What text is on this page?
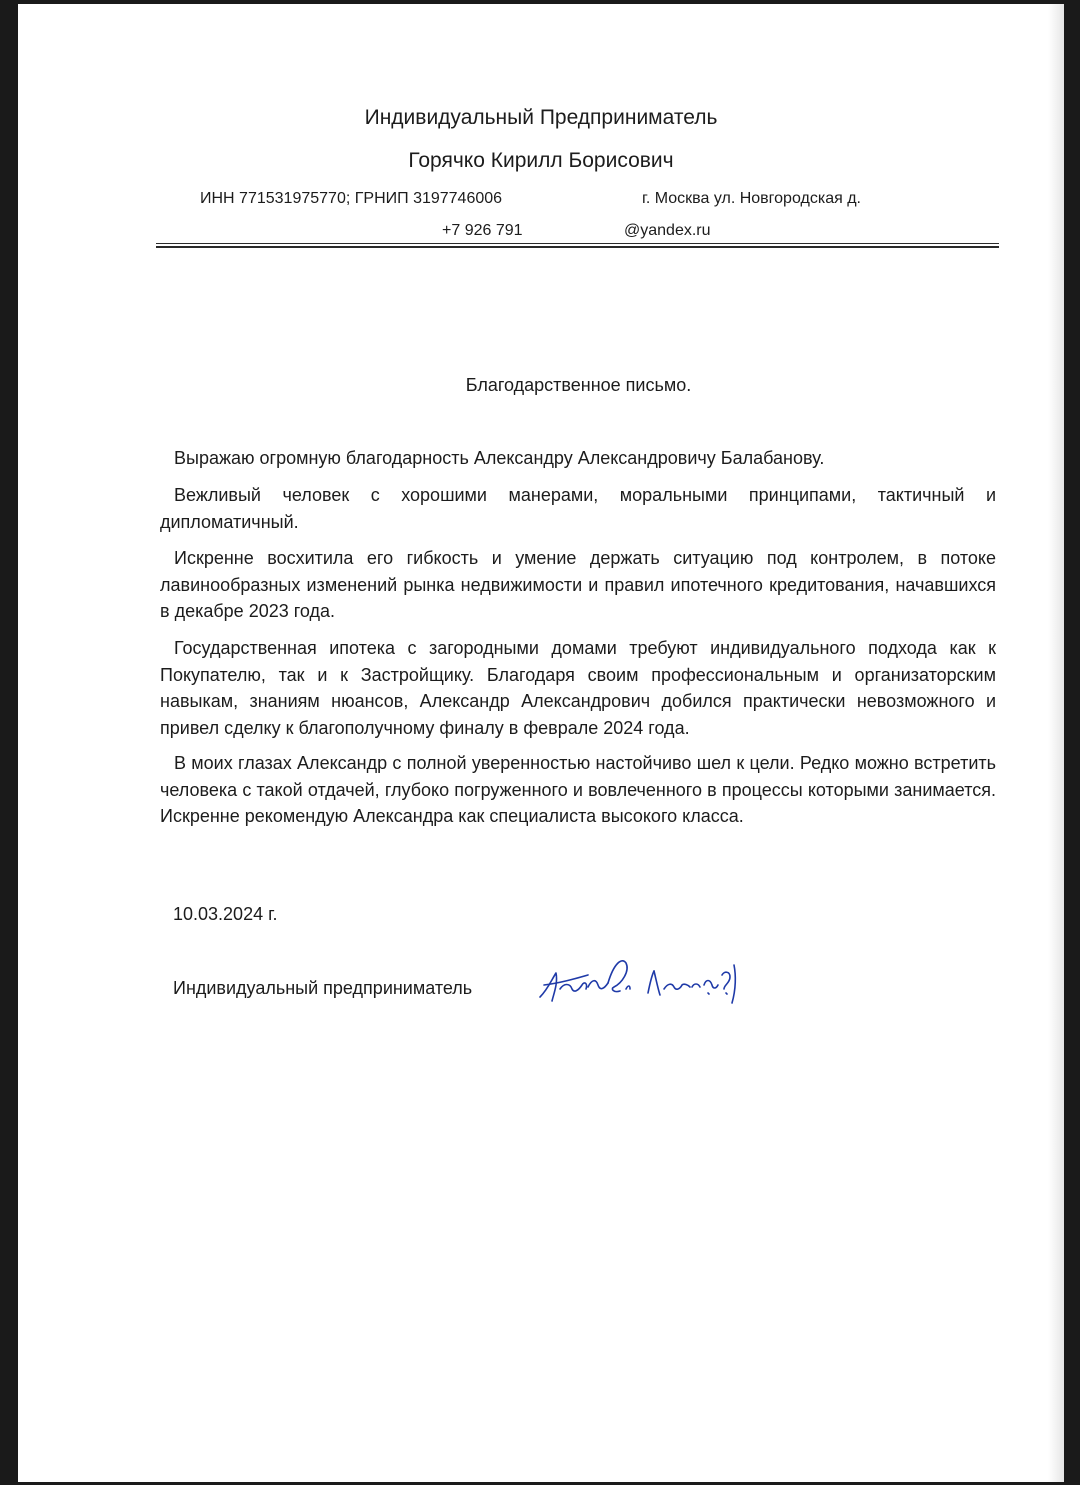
Индивидуальный Предприниматель
Горячко Кирилл Борисович
ИНН 771531975770; ГРНИП 3197746006	г. Москва ул. Новгородская д.
+7 926 791	@yandex.ru
Благодарственное письмо.
Выражаю огромную благодарность Александру Александровичу Балабанову.
Вежливый человек с хорошими манерами, моральными принципами, тактичный и дипломатичный.
Искренне восхитила его гибкость и умение держать ситуацию под контролем, в потоке лавинообразных изменений рынка недвижимости и правил ипотечного кредитования, начавшихся в декабре 2023 года.
Государственная ипотека с загородными домами требуют индивидуального подхода как к Покупателю, так и к Застройщику. Благодаря своим профессиональным и организаторским навыкам, знаниям нюансов, Александр Александрович добился практически невозможного и привел сделку к благополучному финалу в феврале 2024 года.
В моих глазах Александр с полной уверенностью настойчиво шел к цели. Редко можно встретить человека с такой отдачей, глубоко погруженного и вовлеченного в процессы которыми занимается. Искренне рекомендую Александра как специалиста высокого класса.
10.03.2024 г.
Индивидуальный предприниматель
